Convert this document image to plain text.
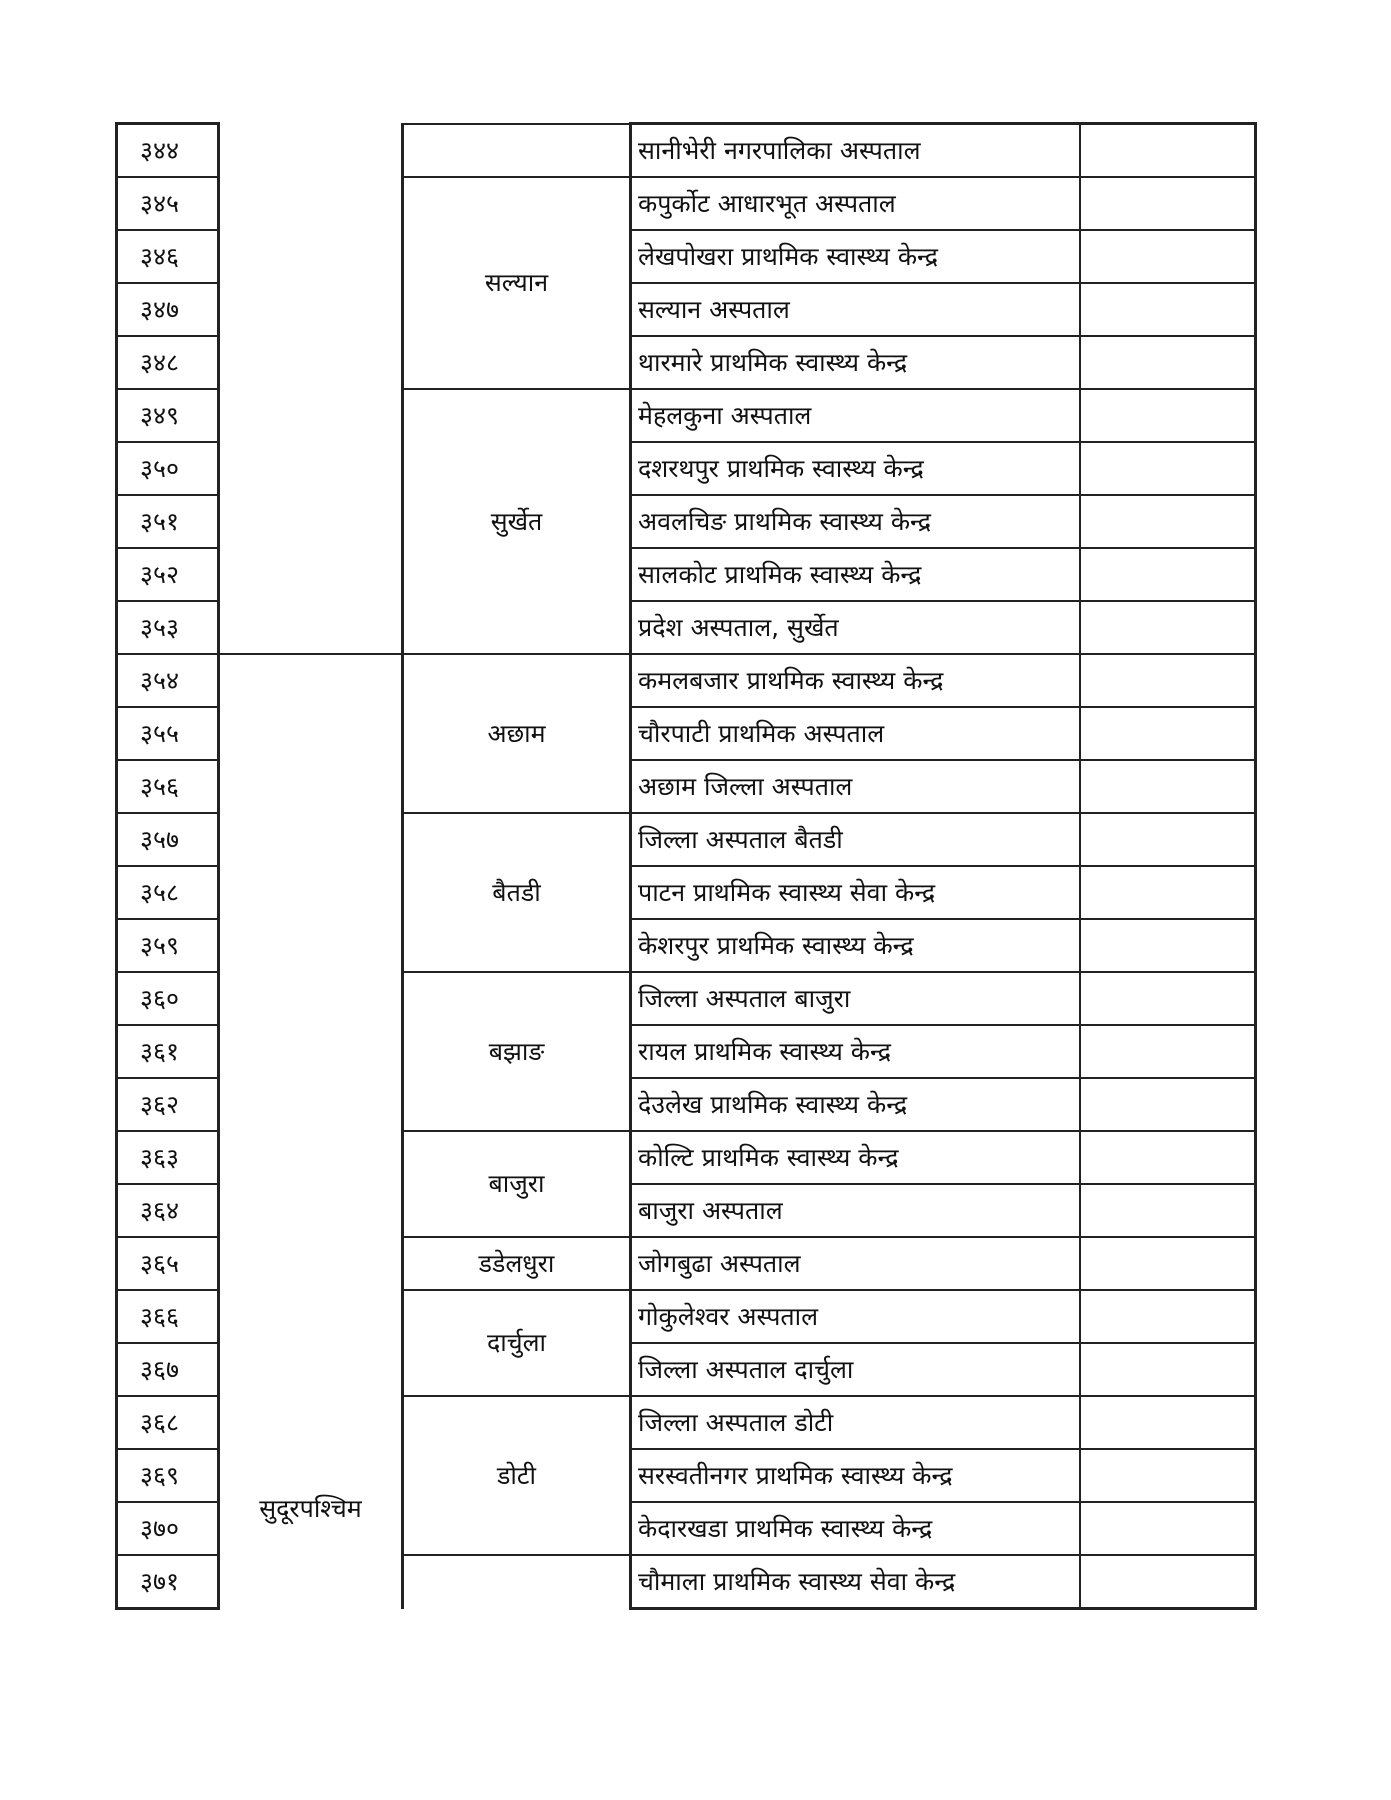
३४४			सानीभेरी नगरपालिका अस्पताल	
३४५		सल्यान	कपुर्कोट आधारभूत अस्पताल	
३४६			लेखपोखरा प्राथमिक स्वास्थ्य केन्द्र	
३४७			सल्यान अस्पताल	
३४८			थारमारे प्राथमिक स्वास्थ्य केन्द्र	
३४९		सुर्खेत	मेहलकुना अस्पताल	
३५०			दशरथपुर प्राथमिक स्वास्थ्य केन्द्र	
३५१			अवलचिङ प्राथमिक स्वास्थ्य केन्द्र	
३५२			सालकोट प्राथमिक स्वास्थ्य केन्द्र	
३५३			प्रदेश अस्पताल, सुर्खेत	
३५४	सुदूरपश्चिम	अछाम	कमलबजार प्राथमिक स्वास्थ्य केन्द्र	
३५५			चौरपाटी प्राथमिक अस्पताल	
३५६			अछाम जिल्ला अस्पताल	
३५७		बैतडी	जिल्ला अस्पताल बैतडी	
३५८			पाटन प्राथमिक स्वास्थ्य सेवा केन्द्र	
३५९			केशरपुर प्राथमिक स्वास्थ्य केन्द्र	
३६०		बझाङ	जिल्ला अस्पताल बाजुरा	
३६१			रायल प्राथमिक स्वास्थ्य केन्द्र	
३६२			देउलेख प्राथमिक स्वास्थ्य केन्द्र	
३६३		बाजुरा	कोल्टि प्राथमिक स्वास्थ्य केन्द्र	
३६४			बाजुरा अस्पताल	
३६५		डडेलधुरा	जोगबुढा अस्पताल	
३६६		दार्चुला	गोकुलेश्वर अस्पताल	
३६७			जिल्ला अस्पताल दार्चुला	
३६८		डोटी	जिल्ला अस्पताल डोटी	
३६९			सरस्वतीनगर प्राथमिक स्वास्थ्य केन्द्र	
३७०			केदारखडा प्राथमिक स्वास्थ्य केन्द्र	
३७१			चौमाला प्राथमिक स्वास्थ्य सेवा केन्द्र	
